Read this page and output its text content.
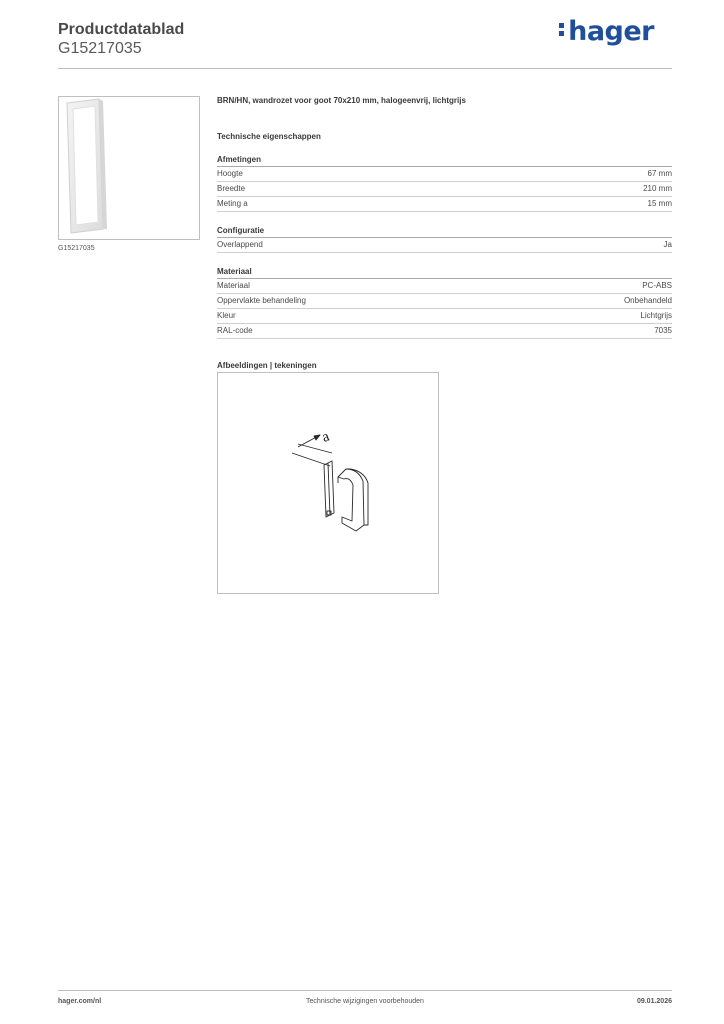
Productdatablad
G15217035
hager
G15217035
BRN/HN, wandrozet voor goot 70x210 mm, halogeenvrij, lichtgrijs
Technische eigenschappen
Afmetingen
Hoogte	67 mm
Breedte	210 mm
Meting a	15 mm
Configuratie
Overlappend	Ja
Materiaal
Materiaal	PC-ABS
Oppervlakte behandeling	Onbehandeld
Kleur	Lichtgrijs
RAL-code	7035
Afbeeldingen | tekeningen
a
hager.com/nl	Technische wijzigingen voorbehouden	09.01.2026
